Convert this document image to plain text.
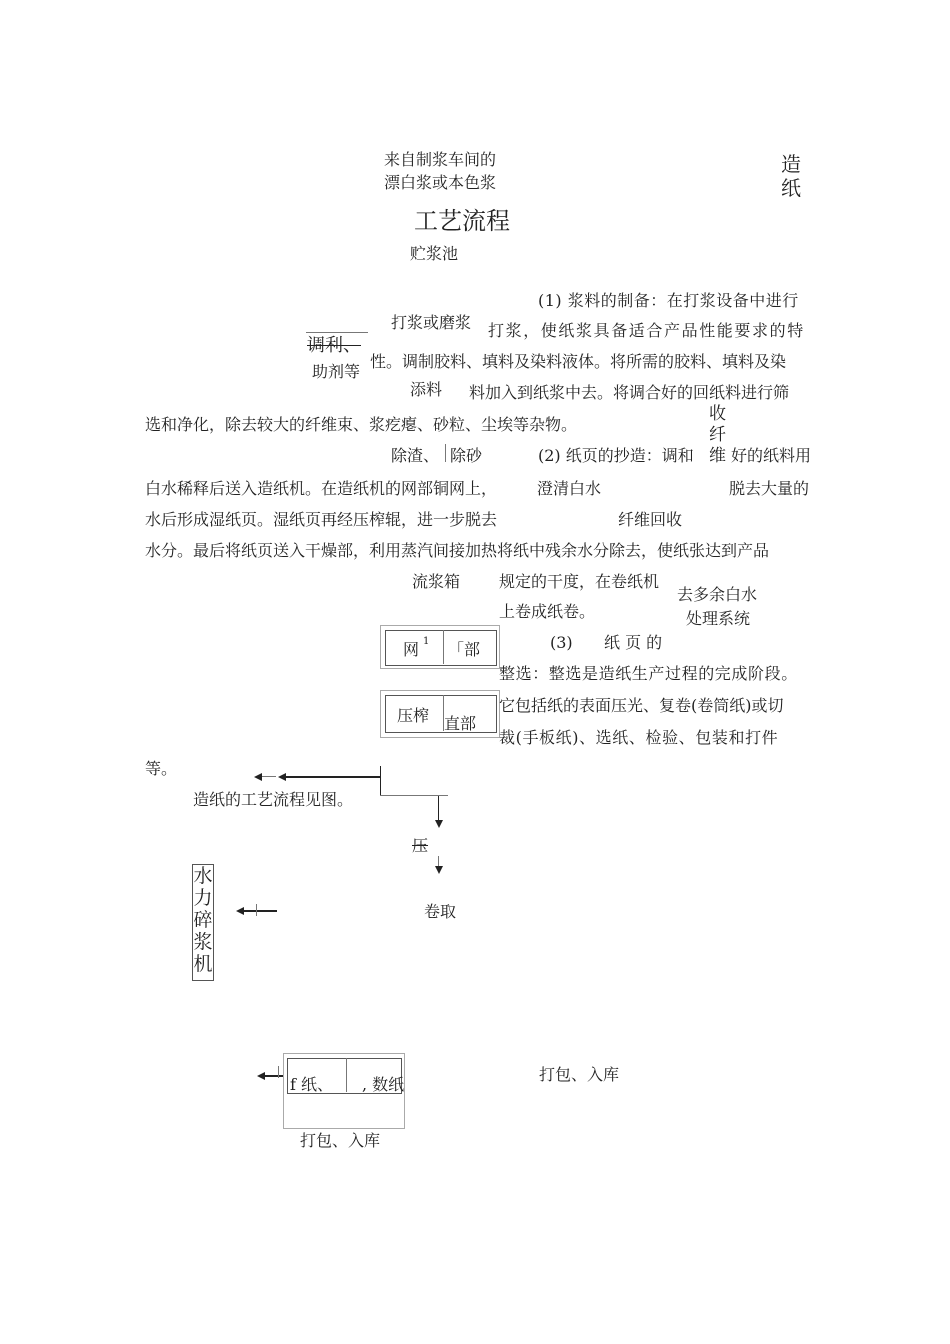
来自制浆车间的
漂白浆或本色浆
造纸
工艺流程
贮浆池
打浆或磨浆
调利、
助剂等
添料
收纤维
除渣、 除砂
澄清白水
纤维回收
流浆箱
去多余白水
处理系统
网 1 「部
压榨 直部
压
卷取
水力碎浆机
f 纸、 , 数纸
打包、入库
打包、入库
(1) 浆料的制备：在打浆设备中进行
打浆，使纸浆具备适合产品性能要求的特
性。调制胶料、填料及染料液体。将所需的胶料、填料及染
料加入到纸浆中去。将调合好的回纸料进行筛
选和净化，除去较大的纤维束、浆疙瘪、砂粒、尘埃等杂物。
(2) 纸页的抄造：调和 好的纸料用
白水稀释后送入造纸机。在造纸机的网部铜网上，	脱去大量的
水后形成湿纸页。湿纸页再经压榨辊，进一步脱去
水分。最后将纸页送入干燥部，利用蒸汽间接加热将纸中残余水分除去，使纸张达到产品
规定的干度，在卷纸机
上卷成纸卷。
(3) 纸 页 的
整选：整选是造纸生产过程的完成阶段。
它包括纸的表面压光、复卷(卷筒纸)或切
裁(手板纸)、选纸、检验、包装和打件
等。
造纸的工艺流程见图。
